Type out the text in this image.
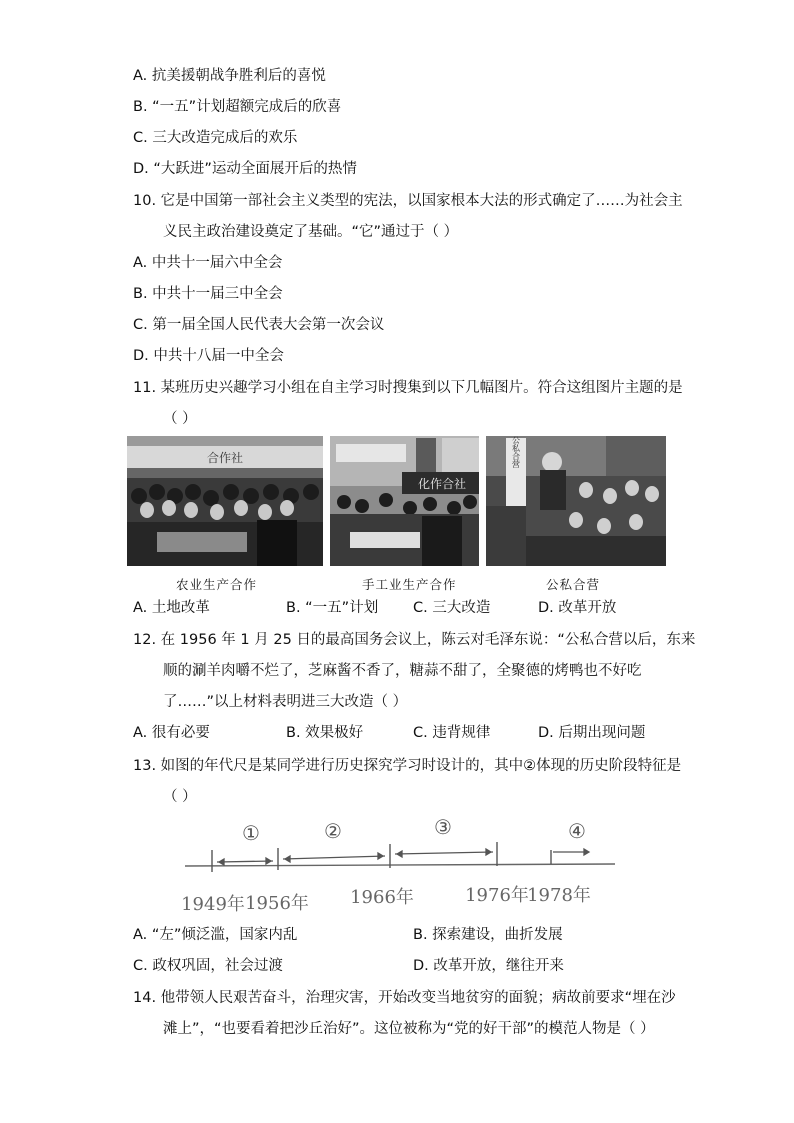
A. 抗美援朝战争胜利后的喜悦
B. “一五”计划超额完成后的欣喜
C. 三大改造完成后的欢乐
D. “大跃进”运动全面展开后的热情
10. 它是中国第一部社会主义类型的宪法，以国家根本大法的形式确定了……为社会主
义民主政治建设奠定了基础。“它”通过于（ ）
A. 中共十一届六中全会
B. 中共十一届三中全会
C. 第一届全国人民代表大会第一次会议
D. 中共十八届一中全会
11. 某班历史兴趣学习小组在自主学习时搜集到以下几幅图片。符合这组图片主题的是
（ ）
合作社
化作合社
公私合营
农业生产合作	手工业生产合作	公私合营
A. 土地改革	B. “一五”计划 C. 三大改造	D. 改革开放
12. 在 1956 年 1 月 25 日的最高国务会议上，陈云对毛泽东说：“公私合营以后，东来
顺的涮羊肉嚼不烂了，芝麻酱不香了，糖蒜不甜了，全聚德的烤鸭也不好吃
了……”以上材料表明进三大改造（ ）
A. 很有必要	B. 效果极好	C. 违背规律	D. 后期出现问题
13. 如图的年代尺是某同学进行历史探究学习时设计的，其中②体现的历史阶段特征是
（ ）
①	②	③	④
1949年 1956年 1966年	1976年
1978年
A. “左”倾泛滥，国家内乱	B. 探索建设，曲折发展
C. 政权巩固，社会过渡	D. 改革开放，继往开来
14. 他带领人民艰苦奋斗，治理灾害，开始改变当地贫穷的面貌；病故前要求“埋在沙
滩上”，“也要看着把沙丘治好”。这位被称为“党的好干部”的模范人物是（ ）
